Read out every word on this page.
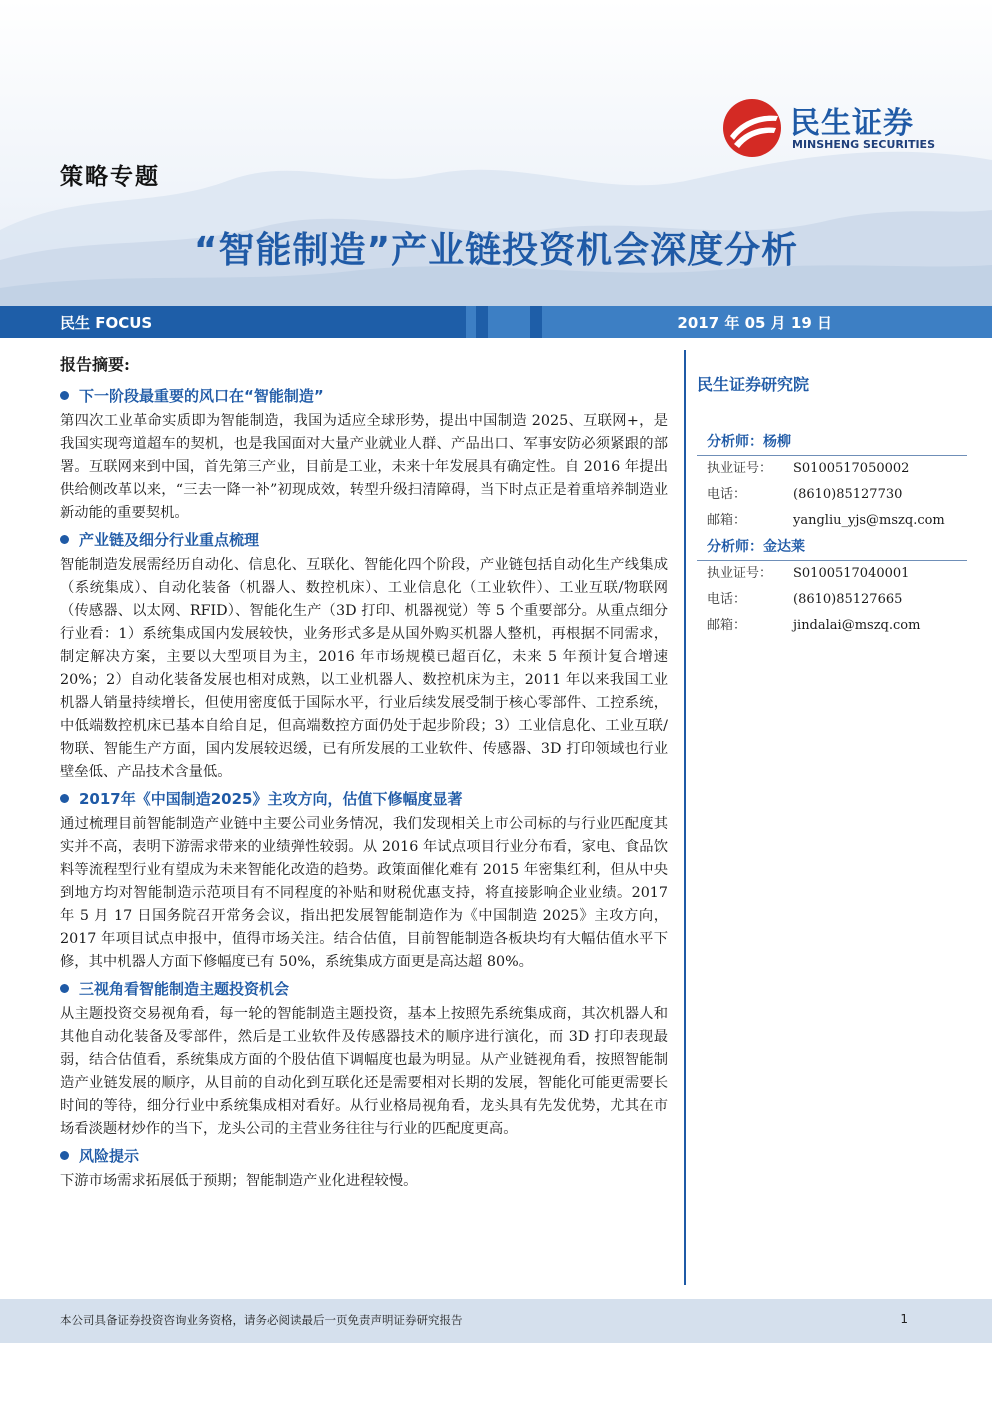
民生证券
MINSHENG SECURITIES
策略专题
“智能制造”产业链投资机会深度分析
民生 FOCUS	2017 年 05 月 19 日
报告摘要:
下一阶段最重要的风口在“智能制造”

第四次工业革命实质即为智能制造，我国为适应全球形势，提出中国制造 2025、互联网+，是我国实现弯道超车的契机，也是我国面对大量产业就业人群、产品出口、军事安防必须紧跟的部署。互联网来到中国，首先第三产业，目前是工业，未来十年发展具有确定性。自 2016 年提出供给侧改革以来，“三去一降一补”初现成效，转型升级扫清障碍，当下时点正是着重培养制造业新动能的重要契机。

产业链及细分行业重点梳理

智能制造发展需经历自动化、信息化、互联化、智能化四个阶段，产业链包括自动化生产线集成（系统集成）、自动化装备（机器人、数控机床）、工业信息化（工业软件）、工业互联/物联网（传感器、以太网、RFID）、智能化生产（3D 打印、机器视觉）等 5 个重要部分。从重点细分行业看：1）系统集成国内发展较快，业务形式多是从国外购买机器人整机，再根据不同需求，制定解决方案，主要以大型项目为主，2016 年市场规模已超百亿，未来 5 年预计复合增速 20%；2）自动化装备发展也相对成熟，以工业机器人、数控机床为主，2011 年以来我国工业机器人销量持续增长，但使用密度低于国际水平，行业后续发展受制于核心零部件、工控系统，中低端数控机床已基本自给自足，但高端数控方面仍处于起步阶段；3）工业信息化、工业互联/物联、智能生产方面，国内发展较迟缓，已有所发展的工业软件、传感器、3D 打印领域也行业壁垒低、产品技术含量低。

2017年《中国制造2025》主攻方向，估值下修幅度显著

通过梳理目前智能制造产业链中主要公司业务情况，我们发现相关上市公司标的与行业匹配度其实并不高，表明下游需求带来的业绩弹性较弱。从 2016 年试点项目行业分布看，家电、食品饮料等流程型行业有望成为未来智能化改造的趋势。政策面催化难有 2015 年密集红利，但从中央到地方均对智能制造示范项目有不同程度的补贴和财税优惠支持，将直接影响企业业绩。2017 年 5 月 17 日国务院召开常务会议，指出把发展智能制造作为《中国制造 2025》主攻方向，2017 年项目试点申报中，值得市场关注。结合估值，目前智能制造各板块均有大幅估值水平下修，其中机器人方面下修幅度已有 50%，系统集成方面更是高达超 80%。

三视角看智能制造主题投资机会

从主题投资交易视角看，每一轮的智能制造主题投资，基本上按照先系统集成商，其次机器人和其他自动化装备及零部件，然后是工业软件及传感器技术的顺序进行演化，而 3D 打印表现最弱，结合估值看，系统集成方面的个股估值下调幅度也最为明显。从产业链视角看，按照智能制造产业链发展的顺序，从目前的自动化到互联化还是需要相对长期的发展，智能化可能更需要长时间的等待，细分行业中系统集成相对看好。从行业格局视角看，龙头具有先发优势，尤其在市场看淡题材炒作的当下，龙头公司的主营业务往往与行业的匹配度更高。

风险提示

下游市场需求拓展低于预期；智能制造产业化进程较慢。

民生证券研究院
分析师：杨柳
执业证号：	S0100517050002
电话：	(8610)85127730
邮箱：	yangliu_yjs@mszq.com
分析师：金达莱
执业证号：	S0100517040001
电话：	(8610)85127665
邮箱：	jindalai@mszq.com
本公司具备证券投资咨询业务资格，请务必阅读最后一页免责声明证券研究报告	1
